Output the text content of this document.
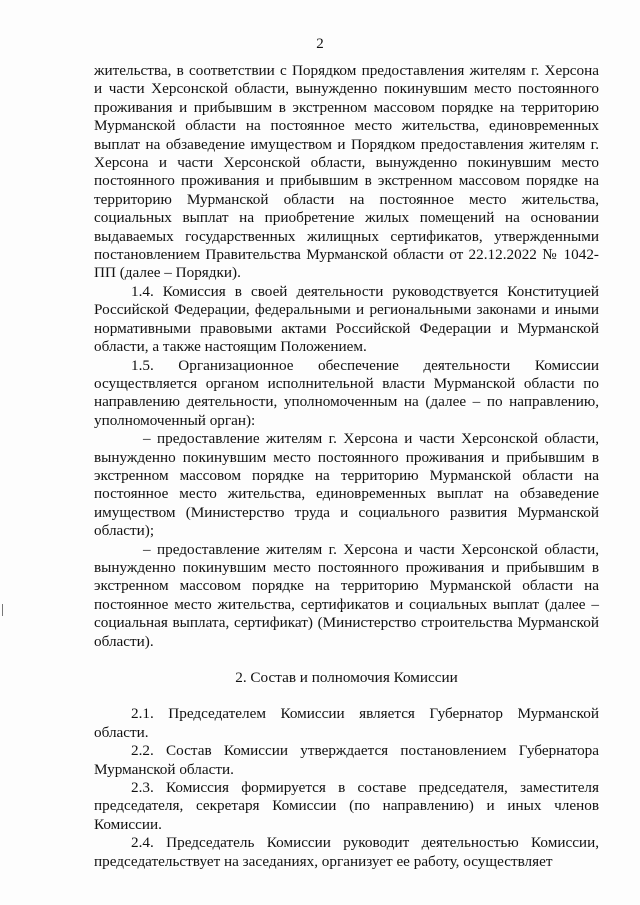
2

жительства, в соответствии с Порядком предоставления жителям г. Херсона и части Херсонской области, вынужденно покинувшим место постоянного проживания и прибывшим в экстренном массовом порядке на территорию Мурманской области на постоянное место жительства, единовременных выплат на обзаведение имуществом и Порядком предоставления жителям г. Херсона и части Херсонской области, вынужденно покинувшим место постоянного проживания и прибывшим в экстренном массовом порядке на территорию Мурманской области на постоянное место жительства, социальных выплат на приобретение жилых помещений на основании выдаваемых государственных жилищных сертификатов, утвержденными постановлением Правительства Мурманской области от 22.12.2022 № 1042-ПП (далее – Порядки).

1.4. Комиссия в своей деятельности руководствуется Конституцией Российской Федерации, федеральными и региональными законами и иными нормативными правовыми актами Российской Федерации и Мурманской области, а также настоящим Положением.

1.5. Организационное обеспечение деятельности Комиссии осуществляется органом исполнительной власти Мурманской области по направлению деятельности, уполномоченным на (далее – по направлению, уполномоченный орган):

– предоставление жителям г. Херсона и части Херсонской области, вынужденно покинувшим место постоянного проживания и прибывшим в экстренном массовом порядке на территорию Мурманской области на постоянное место жительства, единовременных выплат на обзаведение имуществом (Министерство труда и социального развития Мурманской области);

– предоставление жителям г. Херсона и части Херсонской области, вынужденно покинувшим место постоянного проживания и прибывшим в экстренном массовом порядке на территорию Мурманской области на постоянное место жительства, сертификатов и социальных выплат (далее – социальная выплата, сертификат) (Министерство строительства Мурманской области).

2. Состав и полномочия Комиссии

2.1. Председателем Комиссии является Губернатор Мурманской области.

2.2. Состав Комиссии утверждается постановлением Губернатора Мурманской области.

2.3. Комиссия формируется в составе председателя, заместителя председателя, секретаря Комиссии (по направлению) и иных членов Комиссии.

2.4. Председатель Комиссии руководит деятельностью Комиссии, председательствует на заседаниях, организует ее работу, осуществляет
